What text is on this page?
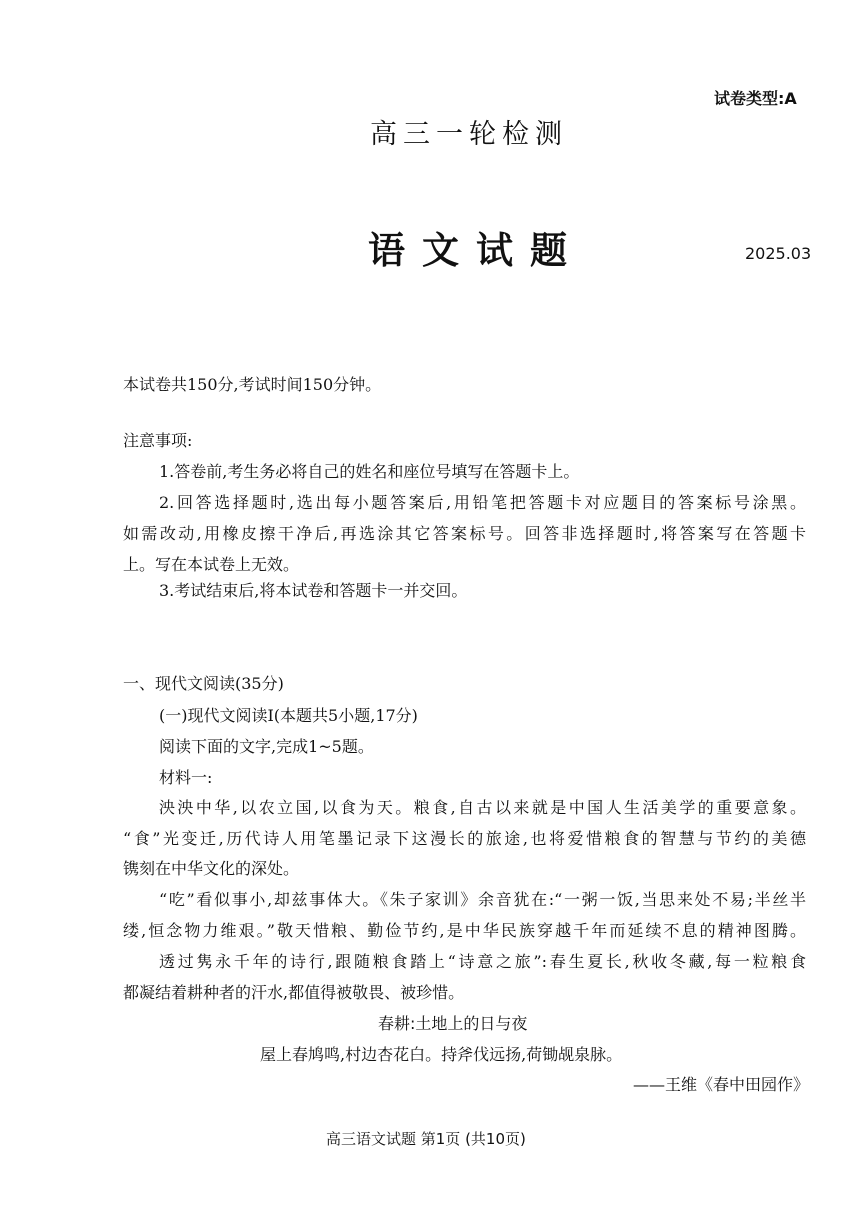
试卷类型:A
高三一轮检测
语文试题	2025.03
本试卷共150分,考试时间150分钟。
注意事项:
1.答卷前,考生务必将自己的姓名和座位号填写在答题卡上。
2.回答选择题时,选出每小题答案后,用铅笔把答题卡对应题目的答案标号涂黑。
如需改动,用橡皮擦干净后,再选涂其它答案标号。回答非选择题时,将答案写在答题卡
上。写在本试卷上无效。
3.考试结束后,将本试卷和答题卡一并交回。
一、现代文阅读(35分)
(一)现代文阅读Ⅰ(本题共5小题,17分)
阅读下面的文字,完成1~5题。
材料一:
泱泱中华,以农立国,以食为天。粮食,自古以来就是中国人生活美学的重要意象。
“食”光变迁,历代诗人用笔墨记录下这漫长的旅途,也将爱惜粮食的智慧与节约的美德
镌刻在中华文化的深处。
“吃”看似事小,却兹事体大。《朱子家训》余音犹在:“一粥一饭,当思来处不易;半丝半
缕,恒念物力维艰。”敬天惜粮、勤俭节约,是中华民族穿越千年而延续不息的精神图腾。
透过隽永千年的诗行,跟随粮食踏上“诗意之旅”:春生夏长,秋收冬藏,每一粒粮食
都凝结着耕种者的汗水,都值得被敬畏、被珍惜。
春耕:土地上的日与夜
屋上春鸠鸣,村边杏花白。持斧伐远扬,荷锄觇泉脉。
——王维《春中田园作》
高三语文试题 第1页 (共10页)
